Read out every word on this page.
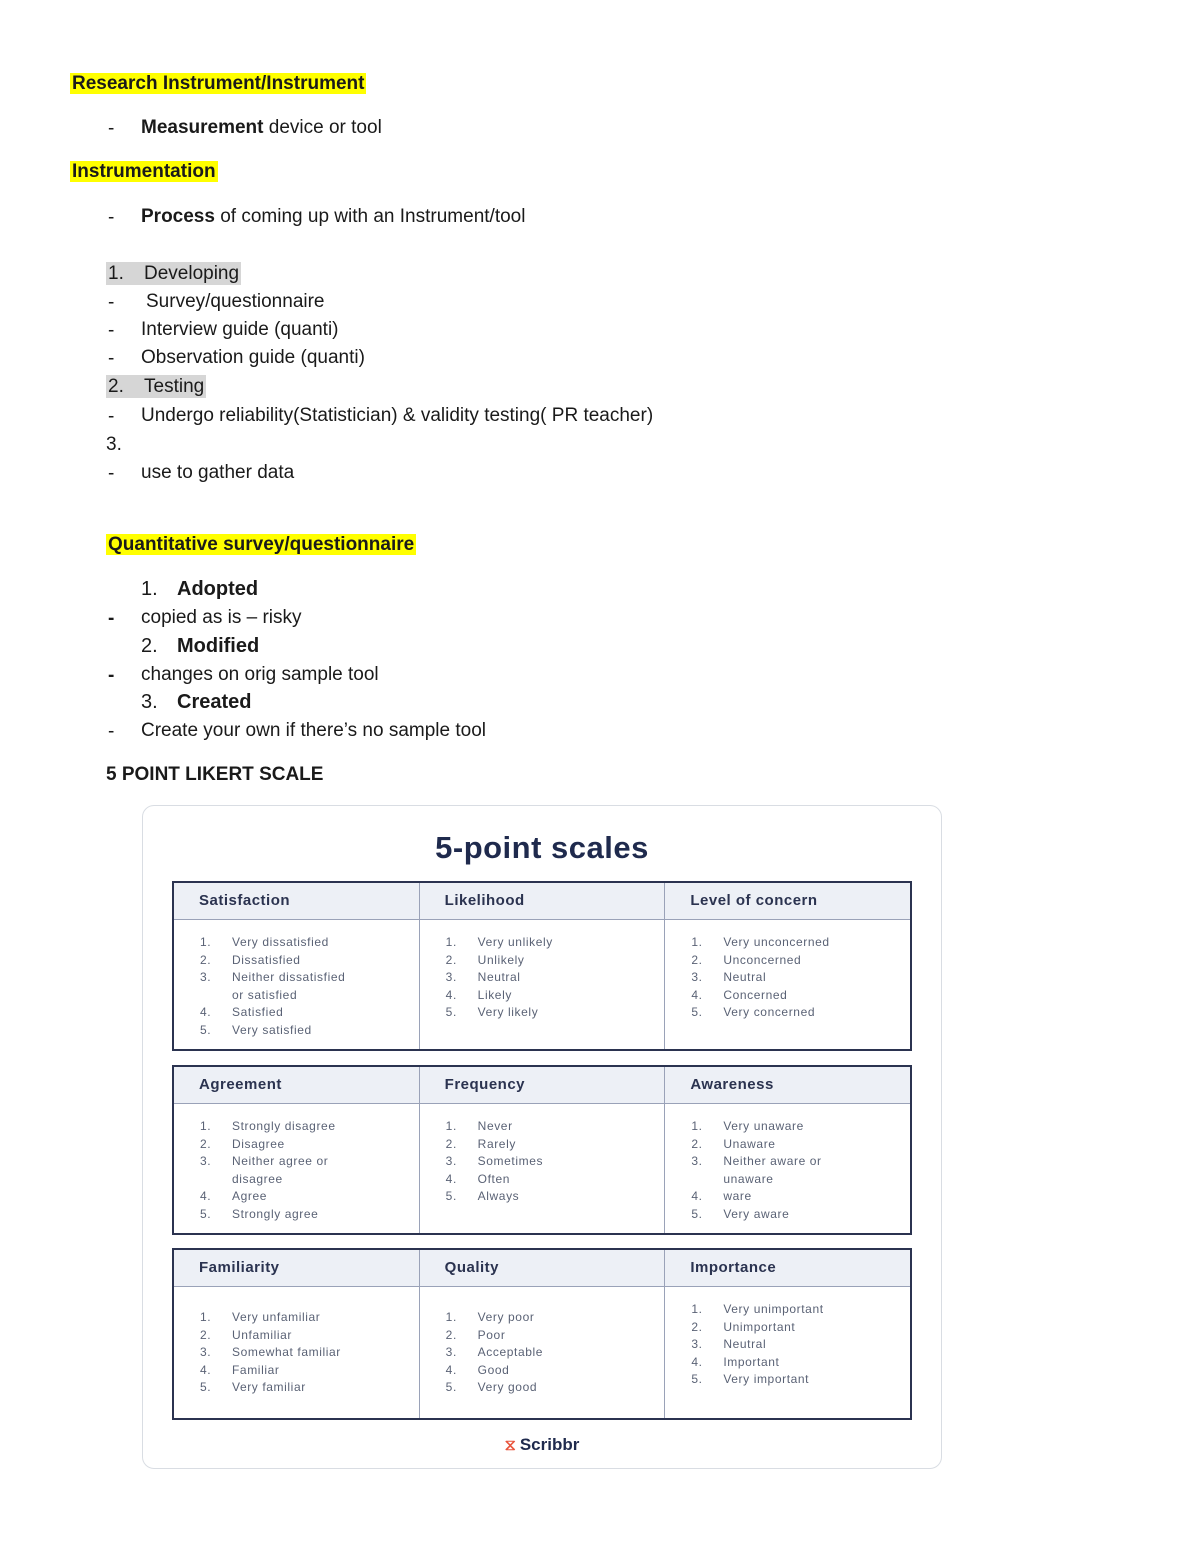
Research Instrument/Instrument
- Measurement device or tool
Instrumentation
- Process of coming up with an Instrument/tool
1. Developing
- Survey/questionnaire
- Interview guide (quanti)
- Observation guide (quanti)
2. Testing
- Undergo reliability(Statistician) & validity testing( PR teacher)
3.
- use to gather data
Quantitative survey/questionnaire
1. Adopted
- copied as is – risky
2. Modified
- changes on orig sample tool
3. Created
- Create your own if there’s no sample tool
5 POINT LIKERT SCALE
5-point scales
Satisfaction
1.	Very dissatisfied
2.	Dissatisfied
3.	Neither dissatisfied
or satisfied
4.	Satisfied
5.	Very satisfied
Likelihood
1.	Very unlikely
2.	Unlikely
3.	Neutral
4.	Likely
5.	Very likely
Level of concern
1.	Very unconcerned
2.	Unconcerned
3.	Neutral
4.	Concerned
5.	Very concerned
Agreement
1.	Strongly disagree
2.	Disagree
3.	Neither agree or
disagree
4.	Agree
5.	Strongly agree
Frequency
1.	Never
2.	Rarely
3.	Sometimes
4.	Often
5.	Always
Awareness
1.	Very unaware
2.	Unaware
3.	Neither aware or
unaware
4.	ware
5.	Very aware
Familiarity
1.	Very unfamiliar
2.	Unfamiliar
3.	Somewhat familiar
4.	Familiar
5.	Very familiar
Quality
1.	Very poor
2.	Poor
3.	Acceptable
4.	Good
5.	Very good
Importance
1.	Very unimportant
2.	Unimportant
3.	Neutral
4.	Important
5.	Very important
⧖ Scribbr
